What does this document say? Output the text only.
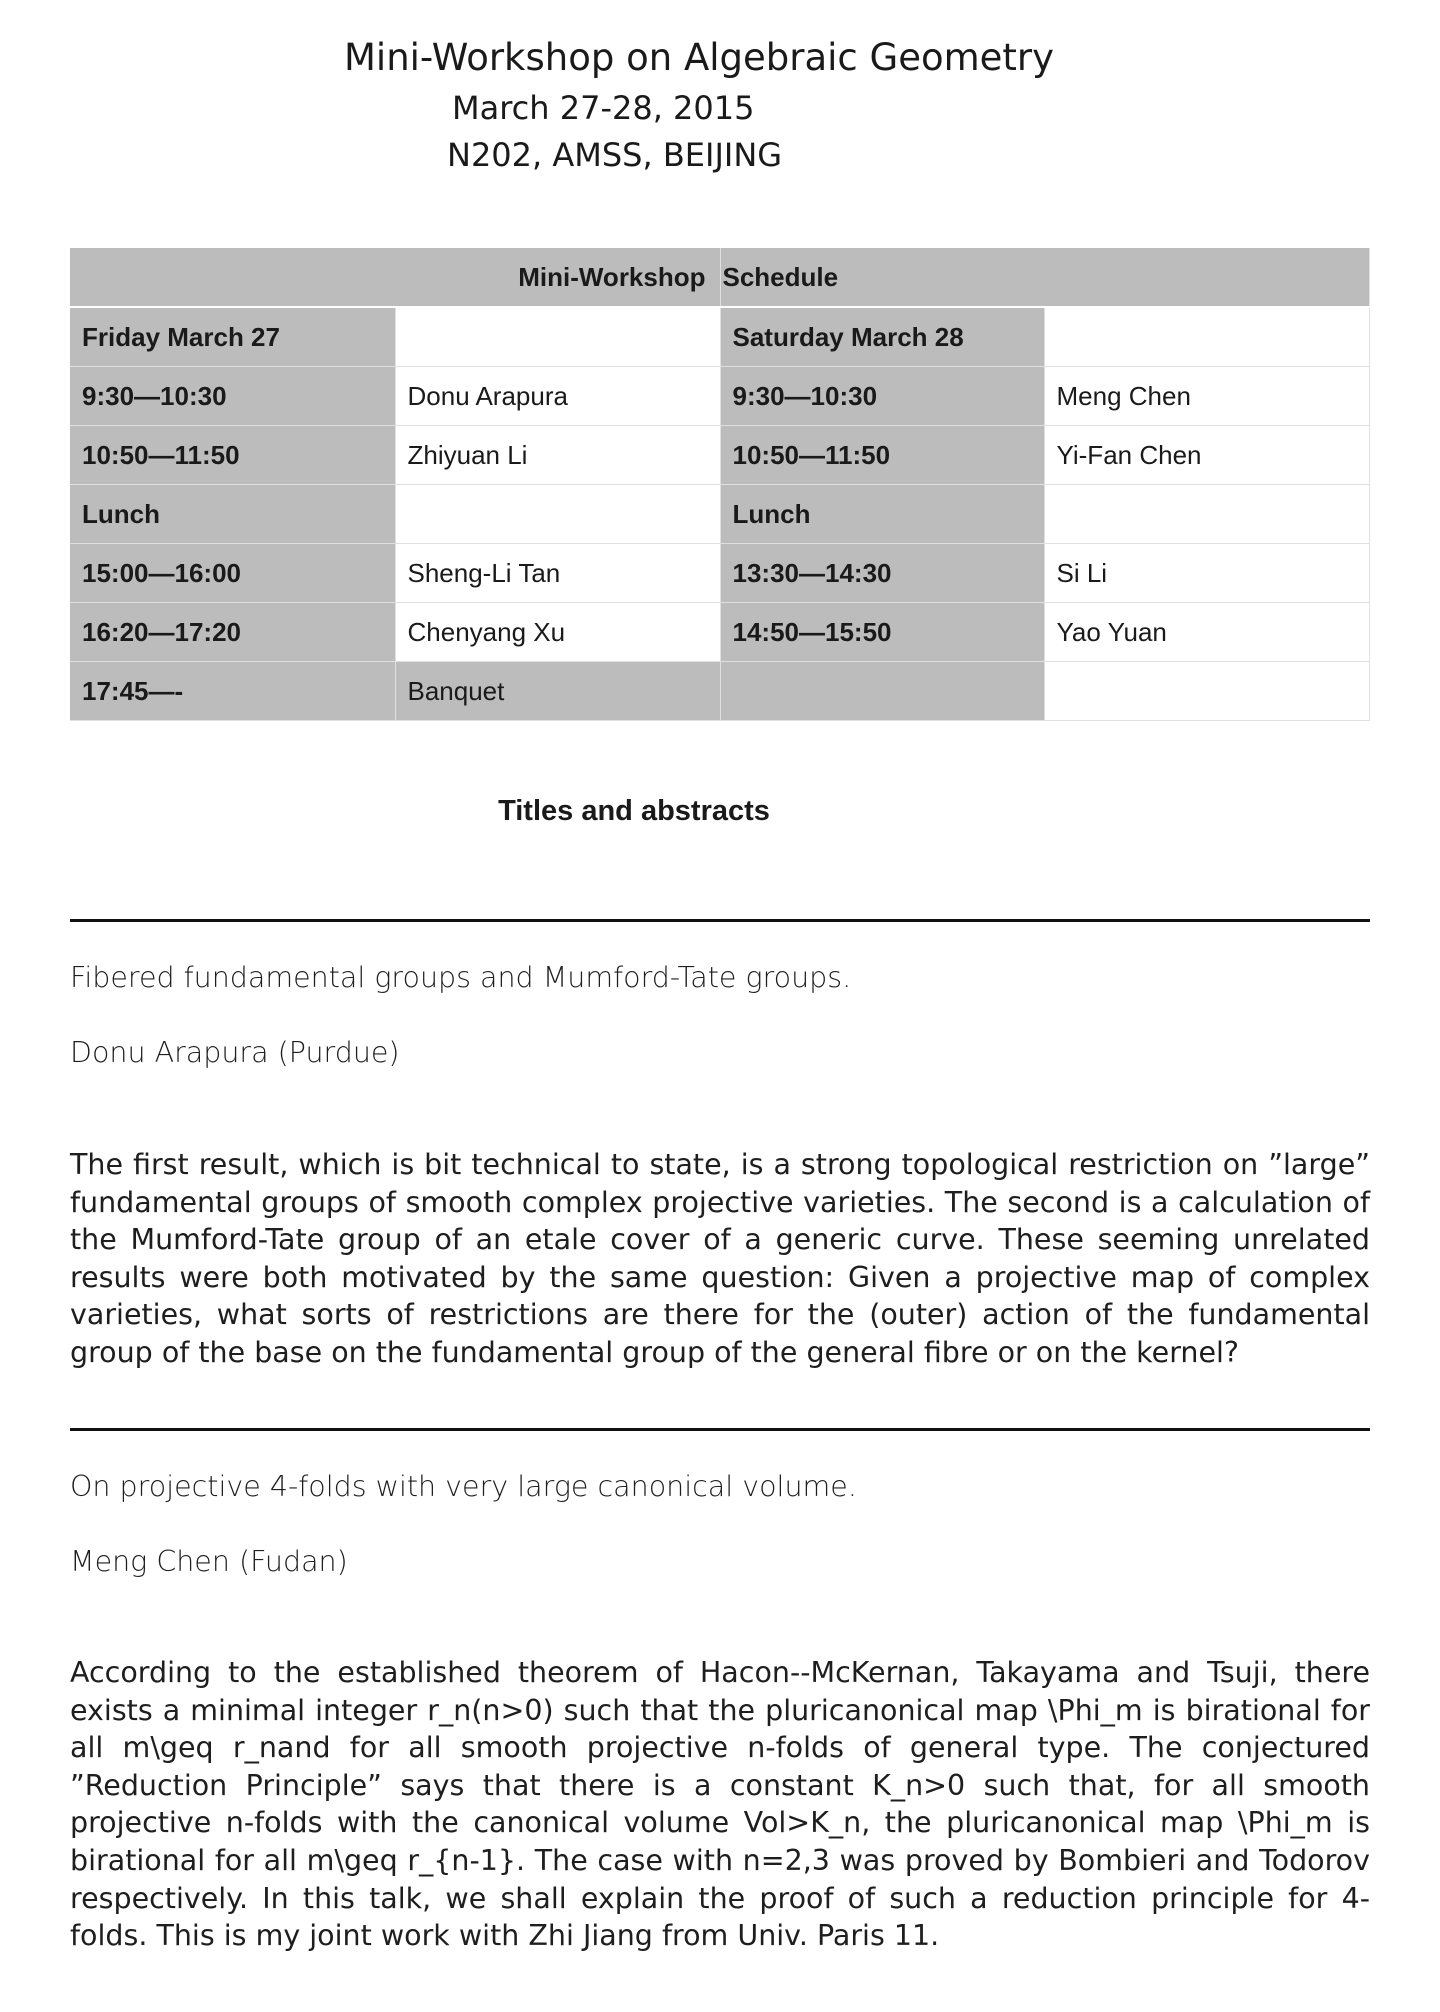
Mini-Workshop on Algebraic Geometry
March 27-28, 2015
N202, AMSS, BEIJING
Mini-Workshop		Schedule	
Friday March 27		Saturday March 28	
9:30—10:30	Donu Arapura	9:30—10:30	Meng Chen
10:50—11:50	Zhiyuan Li	10:50—11:50	Yi-Fan Chen
Lunch		Lunch	
15:00—16:00	Sheng-Li Tan	13:30—14:30	Si Li
16:20—17:20	Chenyang Xu	14:50—15:50	Yao Yuan
17:45—-	Banquet		
Titles and abstracts
Fibered fundamental groups and Mumford-Tate groups.
Donu Arapura (Purdue)
The first result, which is bit technical to state, is a strong topological restriction on ”large” fundamental groups of smooth complex projective varieties. The second is a calculation of the Mumford-Tate group of an etale cover of a generic curve. These seeming unrelated results were both motivated by the same question: Given a projective map of complex varieties, what sorts of restrictions are there for the (outer) action of the fundamental group of the base on the fundamental group of the general fibre or on the kernel?
On projective 4-folds with very large canonical volume.
Meng Chen (Fudan)
According to the established theorem of Hacon--McKernan, Takayama and Tsuji, there exists a minimal integer r_n(n>0) such that the pluricanonical map \Phi_m is birational for all m\geq r_nand for all smooth projective n-folds of general type. The conjectured ”Reduction Principle” says that there is a constant K_n>0 such that, for all smooth projective n-folds with the canonical volume Vol>K_n, the pluricanonical map \Phi_m is birational for all m\geq r_{n-1}. The case with n=2,3 was proved by Bombieri and Todorov respectively. In this talk, we shall explain the proof of such a reduction principle for 4-folds. This is my joint work with Zhi Jiang from Univ. Paris 11.
